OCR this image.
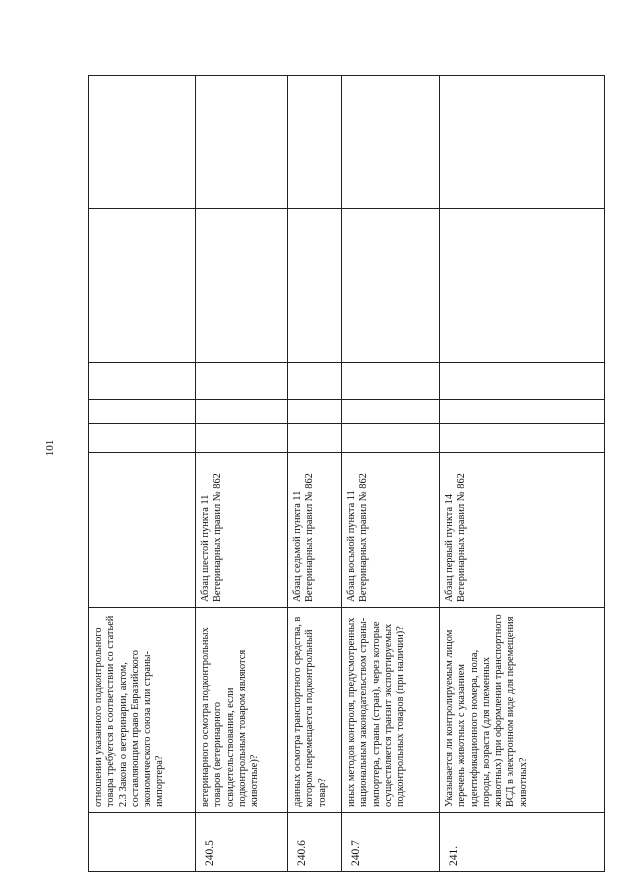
101
	отношении указанного подконтрольного товара требуется в соответствии со статьей 2.3 Закона о ветеринарии, актом, составляющим право Евразийского экономического союза или страны-импортера?						
240.5	ветеринарного осмотра подконтрольных товаров (ветеринарного освидетельствования, если подконтрольным товаром являются животные)?	Абзац шестой пункта 11 Ветеринарных правил № 862					
240.6	данных осмотра транспортного средства, в котором перемещается подконтрольный товар?	Абзац седьмой пункта 11 Ветеринарных правил № 862					
240.7	иных методов контроля, предусмотренных национальным законодательством страны-импортера, страны (стран), через которые осуществляется транзит экспортируемых подконтрольных товаров (при наличии)?	Абзац восьмой пункта 11 Ветеринарных правил № 862					
241.	Указывается ли контролируемым лицом перечень животных с указанием идентификационного номера, пола, породы, возраста (для племенных животных) при оформлении транспортного ВСД в электронном виде для перемещения животных?	Абзац первый пункта 14 Ветеринарных правил № 862					
